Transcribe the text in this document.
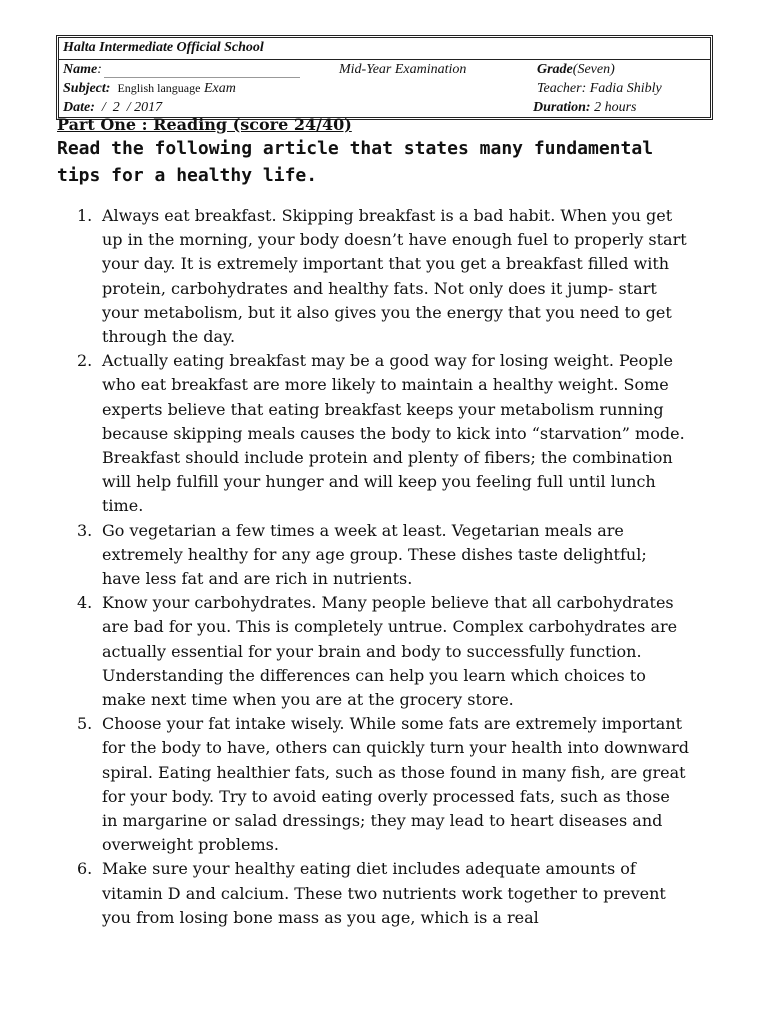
Halta Intermediate Official School
Name:	Mid-Year Examination	Grade(Seven)
Subject: English language Exam	Teacher: Fadia Shibly
Date:  /  2  / 2017	Duration: 2 hours
Part One : Reading (score 24/40)
Read the following article that states many fundamental tips for a healthy life.
1. Always eat breakfast. Skipping breakfast is a bad habit. When you get up in the morning, your body doesn’t have enough fuel to properly start your day. It is extremely important that you get a breakfast filled with protein, carbohydrates and healthy fats. Not only does it jump- start your metabolism, but it also gives you the energy that you need to get through the day.
2. Actually eating breakfast may be a good way for losing weight. People who eat breakfast are more likely to maintain a healthy weight. Some experts believe that eating breakfast keeps your metabolism running because skipping meals causes the body to kick into “starvation” mode. Breakfast should include protein and plenty of fibers; the combination will help fulfill your hunger and will keep you feeling full until lunch time.
3. Go vegetarian a few times a week at least. Vegetarian meals are extremely healthy for any age group. These dishes taste delightful; have less fat and are rich in nutrients.
4. Know your carbohydrates. Many people believe that all carbohydrates are bad for you. This is completely untrue. Complex carbohydrates are actually essential for your brain and body to successfully function. Understanding the differences can help you learn which choices to make next time when you are at the grocery store.
5. Choose your fat intake wisely. While some fats are extremely important for the body to have, others can quickly turn your health into downward spiral. Eating healthier fats, such as those found in many fish, are great for your body. Try to avoid eating overly processed fats, such as those in margarine or salad dressings; they may lead to heart diseases and overweight problems.
6. Make sure your healthy eating diet includes adequate amounts of vitamin D and calcium. These two nutrients work together to prevent you from losing bone mass as you age, which is a real
